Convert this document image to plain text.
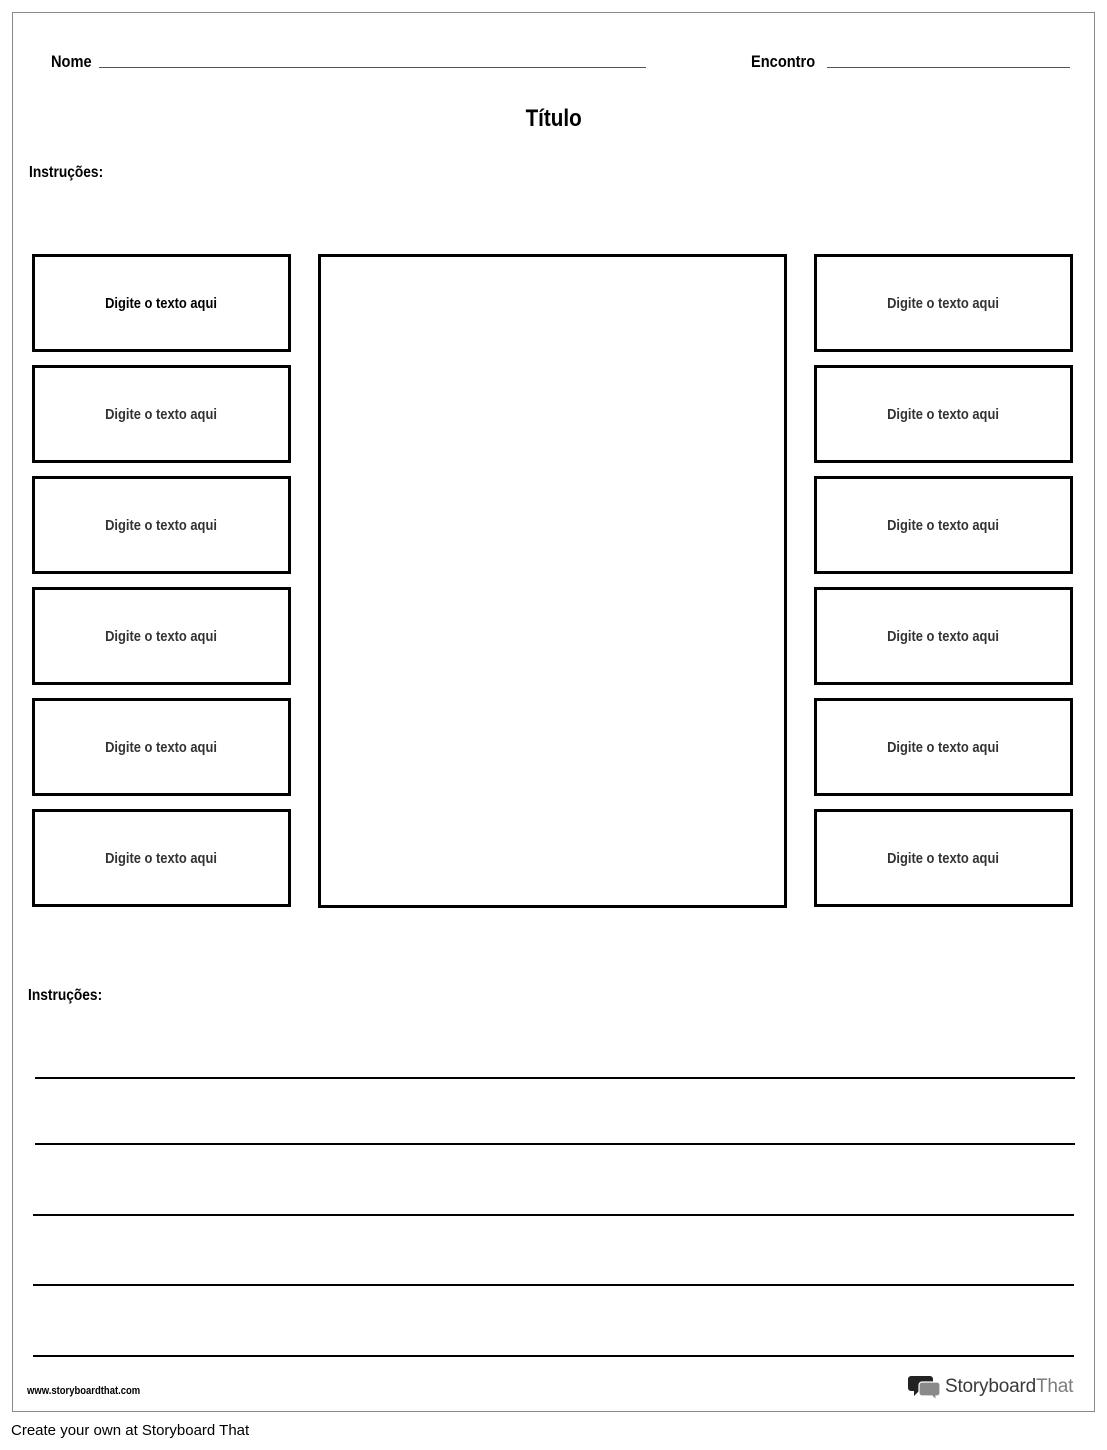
Nome	Encontro
Título
Instruções:
Digite o texto aqui
Digite o texto aqui
Digite o texto aqui
Digite o texto aqui
Digite o texto aqui
Digite o texto aqui
Digite o texto aqui
Digite o texto aqui
Digite o texto aqui
Digite o texto aqui
Digite o texto aqui
Digite o texto aqui
Instruções:
www.storyboardthat.com	StoryboardThat
Create your own at Storyboard That
